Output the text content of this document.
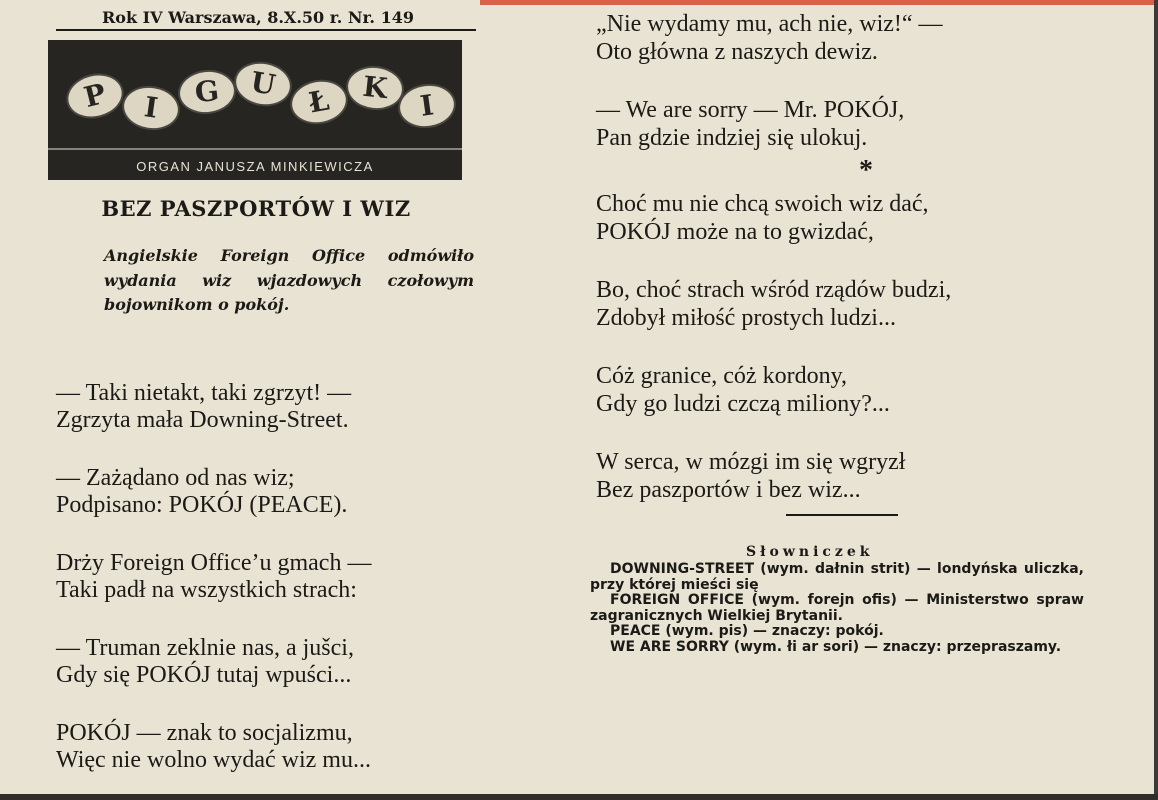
Rok IV Warszawa, 8.X.50 r. Nr. 149
P	I	G U	Ł	K
I
ORGAN JANUSZA MINKIEWICZA
BEZ PASZPORTÓW I WIZ
Angielskie Foreign Office odmówiło wydania wiz wjazdowych czołowym bojownikom o pokój.
— Taki nietakt, taki zgrzyt! —
Zgrzyta mała Downing-Street.
— Zażądano od nas wiz;
Podpisano: POKÓJ (PEACE).
Drży Foreign Office’u gmach —
Taki padł na wszystkich strach:
— Truman zeklnie nas, a jušci,
Gdy się POKÓJ tutaj wpuści...
POKÓJ — znak to socjalizmu,
Więc nie wolno wydać wiz mu...
„Nie wydamy mu, ach nie, wiz!“ —
Oto główna z naszych dewiz.
— We are sorry — Mr. POKÓJ,
Pan gdzie indziej się ulokuj.
*
Choć mu nie chcą swoich wiz dać,
POKÓJ może na to gwizdać,
Bo, choć strach wśród rządów budzi,
Zdobył miłość prostych ludzi...
Cóż granice, cóż kordony,
Gdy go ludzi czczą miliony?...
W serca, w mózgi im się wgryzł
Bez paszportów i bez wiz...
Słowniczek

DOWNING-STREET (wym. dałnin strit) — londyńska uliczka, przy której mieści się

FOREIGN OFFICE (wym. forejn ofis) — Ministerstwo spraw zagranicznych Wielkiej Brytanii.

PEACE (wym. pis) — znaczy: pokój.

WE ARE SORRY (wym. łi ar sori) — znaczy: przepraszamy.
